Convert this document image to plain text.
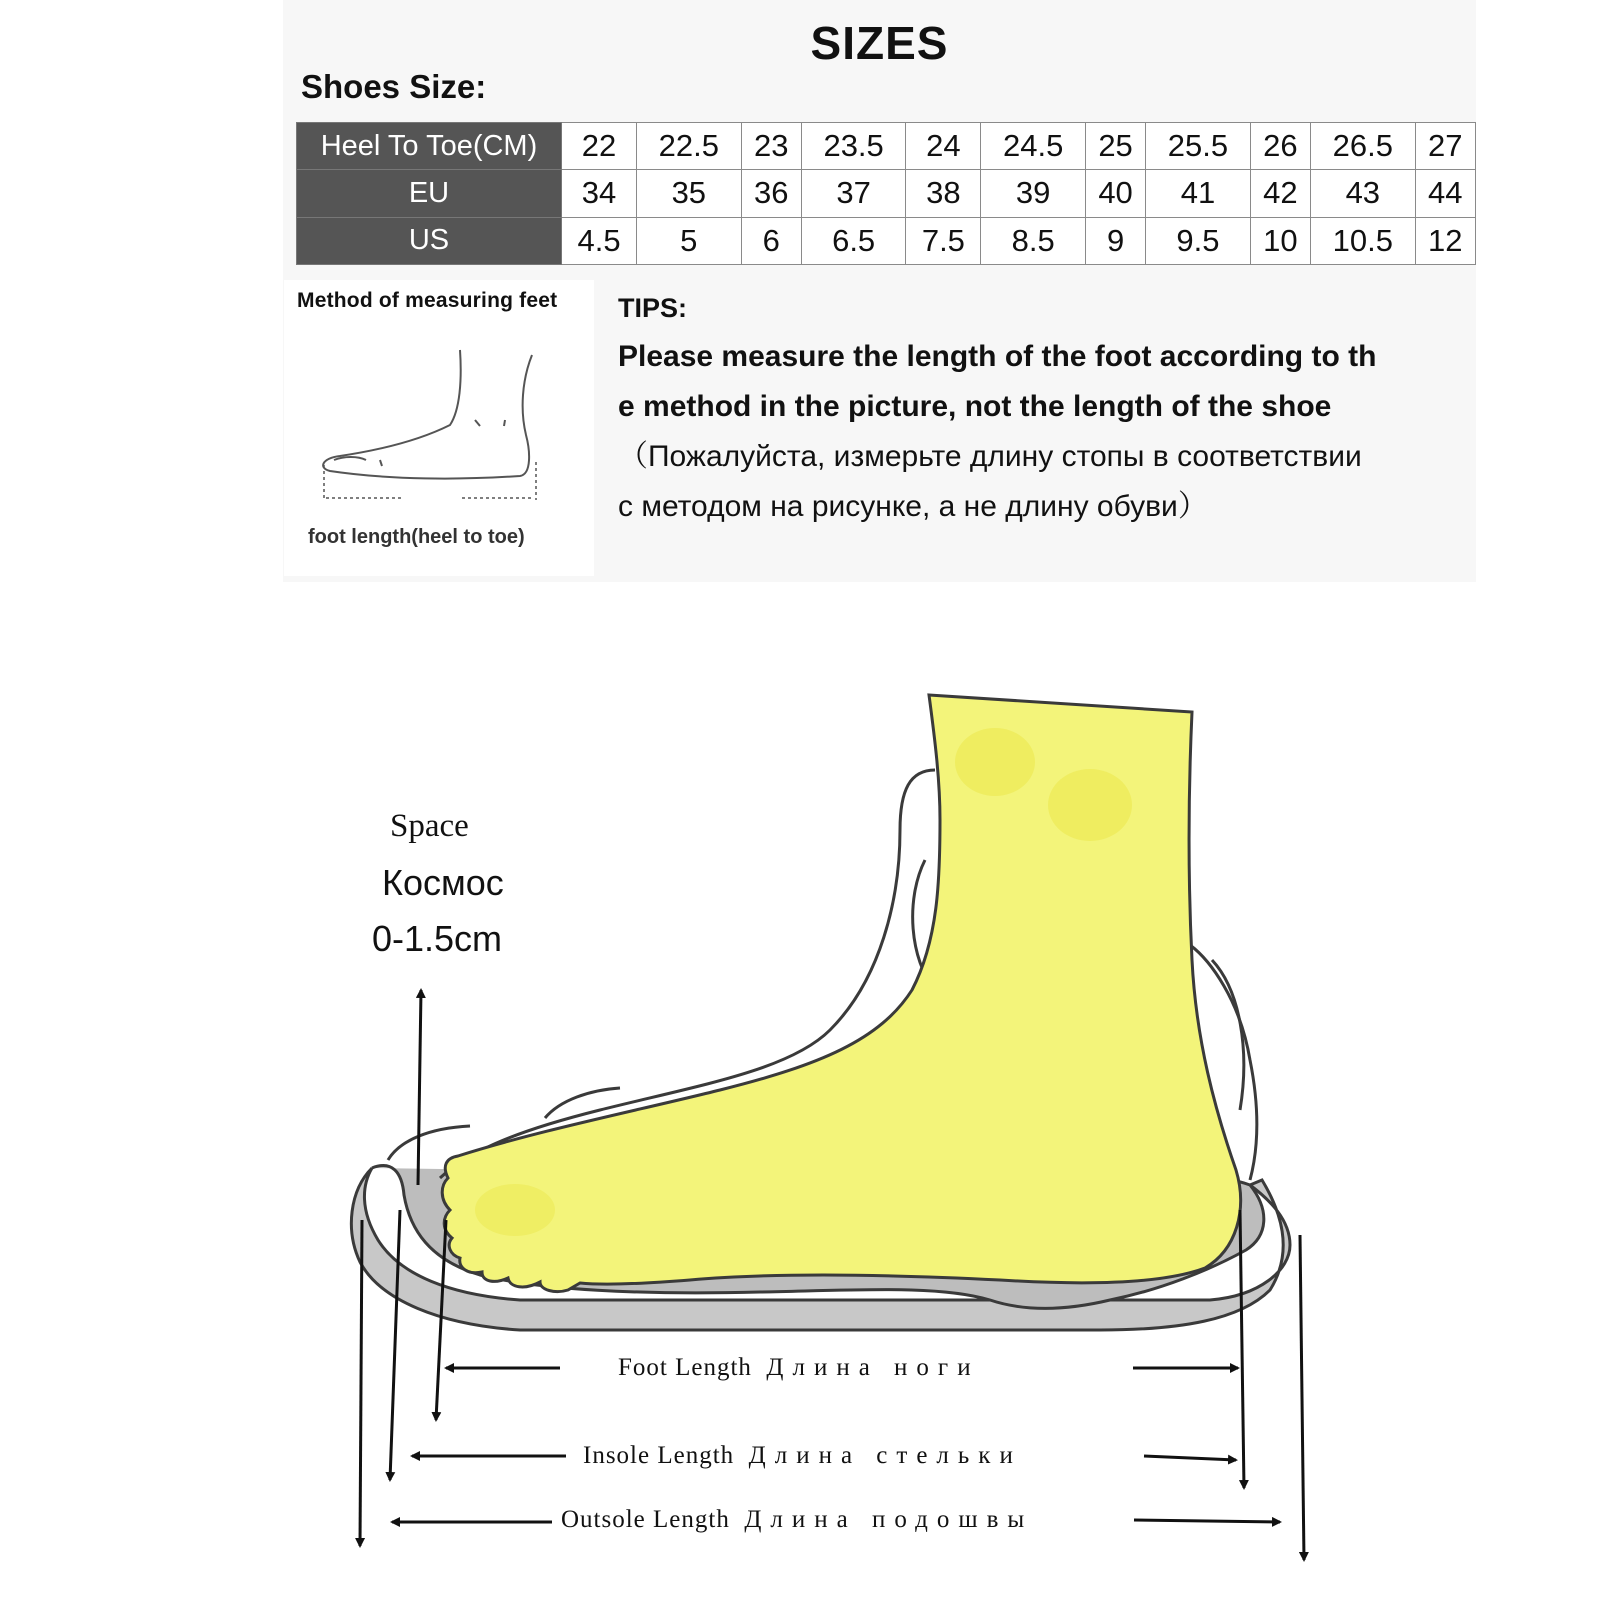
SIZES
Shoes Size:
Heel To Toe(CM)	22	22.5	23	23.5	24	24.5	25	25.5	26	26.5	27
EU	34	35	36	37	38	39	40	41	42	43	44
US	4.5	5	6	6.5	7.5	8.5	9	9.5	10	10.5	12
Method of measuring feet
foot length(heel to toe)
TIPS:
Please measure the length of the foot according to the method in the picture, not the length of the shoe（Пожалуйста, измерьте длину стопы в соответствии с методом на рисунке, а не длину обуви）
Space
Космос
0-1.5cm
Foot Length Длина ноги
Insole Length Длина стельки
Outsole Length Длина подошвы
